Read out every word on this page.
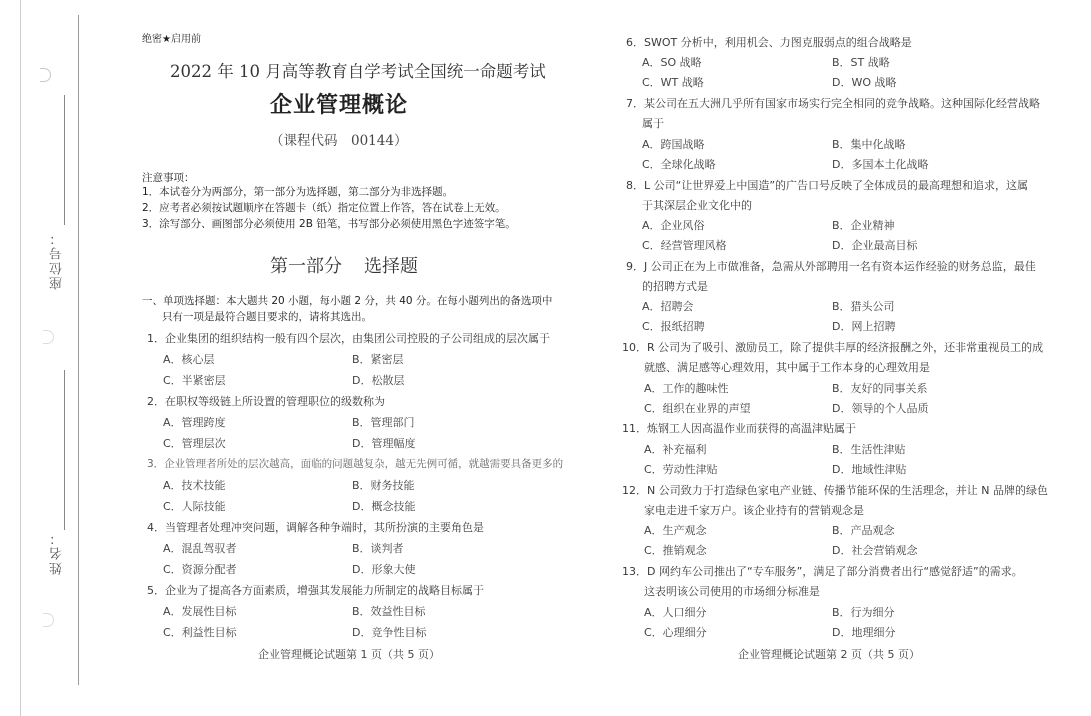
座位号：
姓名：
绝密★启用前
2022 年 10 月高等教育自学考试全国统一命题考试
企业管理概论
（课程代码　00144）
注意事项：
1．本试卷分为两部分，第一部分为选择题，第二部分为非选择题。
2．应考者必须按试题顺序在答题卡（纸）指定位置上作答，答在试卷上无效。
3．涂写部分、画图部分必须使用 2B 铅笔，书写部分必须使用黑色字迹签字笔。
第一部分 选择题
一、单项选择题：本大题共 20 小题，每小题 2 分，共 40 分。在每小题列出的备选项中
只有一项是最符合题目要求的，请将其选出。
1．企业集团的组织结构一般有四个层次，由集团公司控股的子公司组成的层次属于
A．核心层	B．紧密层
C．半紧密层	D．松散层
2．在职权等级链上所设置的管理职位的级数称为
A．管理跨度	B．管理部门
C．管理层次	D．管理幅度
3．企业管理者所处的层次越高，面临的问题越复杂，越无先例可循，就越需要具备更多的
A．技术技能	B．财务技能
C．人际技能	D．概念技能
4．当管理者处理冲突问题，调解各种争端时，其所扮演的主要角色是
A．混乱驾驭者	B．谈判者
C．资源分配者	D．形象大使
5．企业为了提高各方面素质，增强其发展能力所制定的战略目标属于
A．发展性目标	B．效益性目标
C．利益性目标	D．竞争性目标
企业管理概论试题第 1 页（共 5 页）
6．SWOT 分析中，利用机会、力图克服弱点的组合战略是
A．SO 战略	B．ST 战略
C．WT 战略	D．WO 战略
7．某公司在五大洲几乎所有国家市场实行完全相同的竞争战略。这种国际化经营战略
属于
A．跨国战略	B．集中化战略
C．全球化战略	D．多国本土化战略
8．L 公司“让世界爱上中国造”的广告口号反映了全体成员的最高理想和追求，这属
于其深层企业文化中的
A．企业风俗	B．企业精神
C．经营管理风格	D．企业最高目标
9．J 公司正在为上市做准备，急需从外部聘用一名有资本运作经验的财务总监，最佳
的招聘方式是
A．招聘会	B．猎头公司
C．报纸招聘	D．网上招聘
10．R 公司为了吸引、激励员工，除了提供丰厚的经济报酬之外，还非常重视员工的成
就感、满足感等心理效用，其中属于工作本身的心理效用是
A．工作的趣味性	B．友好的同事关系
C．组织在业界的声望	D．领导的个人品质
11．炼钢工人因高温作业而获得的高温津贴属于
A．补充福利	B．生活性津贴
C．劳动性津贴	D．地域性津贴
12．N 公司致力于打造绿色家电产业链、传播节能环保的生活理念，并让 N 品牌的绿色
家电走进千家万户。该企业持有的营销观念是
A．生产观念	B．产品观念
C．推销观念	D．社会营销观念
13．D 网约车公司推出了“专车服务”，满足了部分消费者出行“感觉舒适”的需求。
这表明该公司使用的市场细分标准是
A．人口细分	B．行为细分
C．心理细分	D．地理细分
企业管理概论试题第 2 页（共 5 页）
